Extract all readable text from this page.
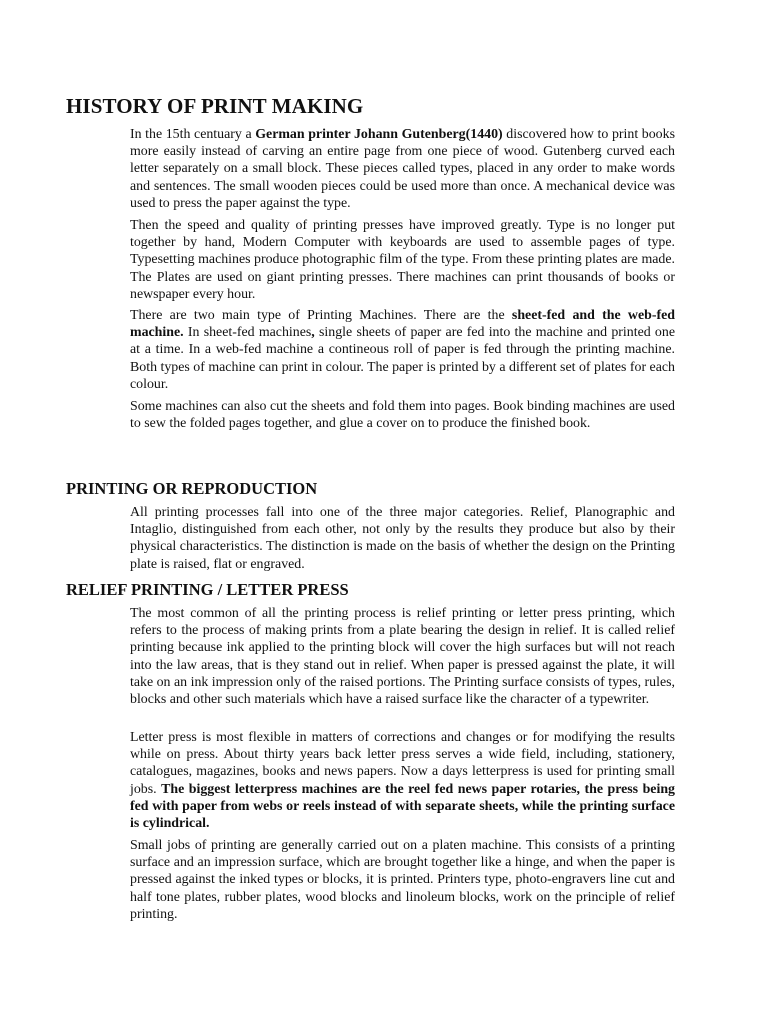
HISTORY OF PRINT MAKING

In the 15th centuary a German printer Johann Gutenberg(1440) discovered how to print books more easily instead of carving an entire page from one piece of wood. Gutenberg curved each letter separately on a small block. These pieces called types, placed in any order to make words and sentences. The small wooden pieces could be used more than once. A mechanical device was used to press the paper against the type.

Then the speed and quality of printing presses have improved greatly. Type is no longer put together by hand, Modern Computer with keyboards are used to assemble pages of type. Typesetting machines produce photographic film of the type. From these printing plates are made. The Plates are used on giant printing presses. There machines can print thousands of books or newspaper every hour.

There are two main type of Printing Machines. There are the sheet-fed and the web-fed machine. In sheet-fed machines, single sheets of paper are fed into the machine and printed one at a time. In a web-fed machine a contineous roll of paper is fed through the printing machine. Both types of machine can print in colour. The paper is printed by a different set of plates for each colour.

Some machines can also cut the sheets and fold them into pages. Book binding machines are used to sew the folded pages together, and glue a cover on to produce the finished book.

PRINTING OR REPRODUCTION

All printing processes fall into one of the three major categories. Relief, Planographic and Intaglio, distinguished from each other, not only by the results they produce but also by their physical characteristics. The distinction is made on the basis of whether the design on the Printing plate is raised, flat or engraved.

RELIEF PRINTING / LETTER PRESS

The most common of all the printing process is relief printing or letter press printing, which refers to the process of making prints from a plate bearing the design in relief. It is called relief printing because ink applied to the printing block will cover the high surfaces but will not reach into the law areas, that is they stand out in relief. When paper is pressed against the plate, it will take on an ink impression only of the raised portions. The Printing surface consists of types, rules, blocks and other such materials which have a raised surface like the character of a typewriter.

Letter press is most flexible in matters of corrections and changes or for modifying the results while on press. About thirty years back letter press serves a wide field, including, stationery, catalogues, magazines, books and news papers. Now a days letterpress is used for printing small jobs. The biggest letterpress machines are the reel fed news paper rotaries, the press being fed with paper from webs or reels instead of with separate sheets, while the printing surface is cylindrical.

Small jobs of printing are generally carried out on a platen machine. This consists of a printing surface and an impression surface, which are brought together like a hinge, and when the paper is pressed against the inked types or blocks, it is printed. Printers type, photo-engravers line cut and half tone plates, rubber plates, wood blocks and linoleum blocks, work on the principle of relief printing.
